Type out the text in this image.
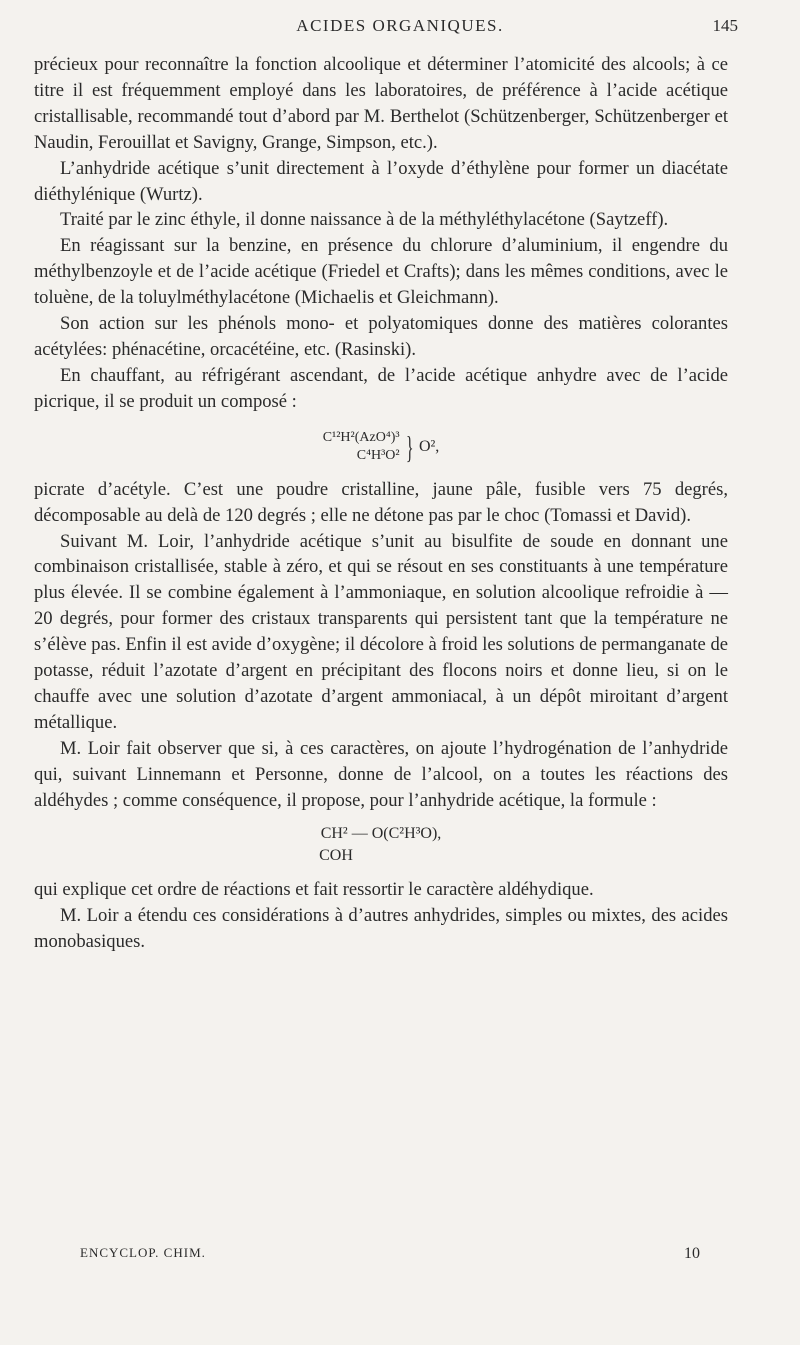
ACIDES ORGANIQUES.	145

précieux pour reconnaître la fonction alcoolique et déterminer l’atomicité des alcools; à ce titre il est fréquemment employé dans les laboratoires, de préférence à l’acide acétique cristallisable, recommandé tout d’abord par M. Berthelot (Schützenberger, Schützenberger et Naudin, Ferouillat et Savigny, Grange, Simpson, etc.).

L’anhydride acétique s’unit directement à l’oxyde d’éthylène pour former un diacétate diéthylénique (Wurtz).

Traité par le zinc éthyle, il donne naissance à de la méthyléthylacétone (Saytzeff).

En réagissant sur la benzine, en présence du chlorure d’aluminium, il engendre du méthylbenzoyle et de l’acide acétique (Friedel et Crafts); dans les mêmes conditions, avec le toluène, de la toluylméthylacétone (Michaelis et Gleichmann).

Son action sur les phénols mono- et polyatomiques donne des matières colorantes acétylées: phénacétine, orcacétéine, etc. (Rasinski).

En chauffant, au réfrigérant ascendant, de l’acide acétique anhydre avec de l’acide picrique, il se produit un composé :

C¹²H²(AzO⁴)³
C⁴H³O² } O²,

picrate d’acétyle. C’est une poudre cristalline, jaune pâle, fusible vers 75 degrés, décomposable au delà de 120 degrés ; elle ne détone pas par le choc (Tomassi et David).

Suivant M. Loir, l’anhydride acétique s’unit au bisulfite de soude en donnant une combinaison cristallisée, stable à zéro, et qui se résout en ses constituants à une température plus élevée. Il se combine également à l’ammoniaque, en solution alcoolique refroidie à — 20 degrés, pour former des cristaux transparents qui persistent tant que la température ne s’élève pas. Enfin il est avide d’oxygène; il décolore à froid les solutions de permanganate de potasse, réduit l’azotate d’argent en précipitant des flocons noirs et donne lieu, si on le chauffe avec une solution d’azotate d’argent ammoniacal, à un dépôt miroitant d’argent métallique.

M. Loir fait observer que si, à ces caractères, on ajoute l’hydrogénation de l’anhydride qui, suivant Linnemann et Personne, donne de l’alcool, on a toutes les réactions des aldéhydes ; comme conséquence, il propose, pour l’anhydride acétique, la formule :

CH² — O(C²H³O),
COH

qui explique cet ordre de réactions et fait ressortir le caractère aldéhydique.

M. Loir a étendu ces considérations à d’autres anhydrides, simples ou mixtes, des acides monobasiques.

ENCYCLOP. CHIM.	10
